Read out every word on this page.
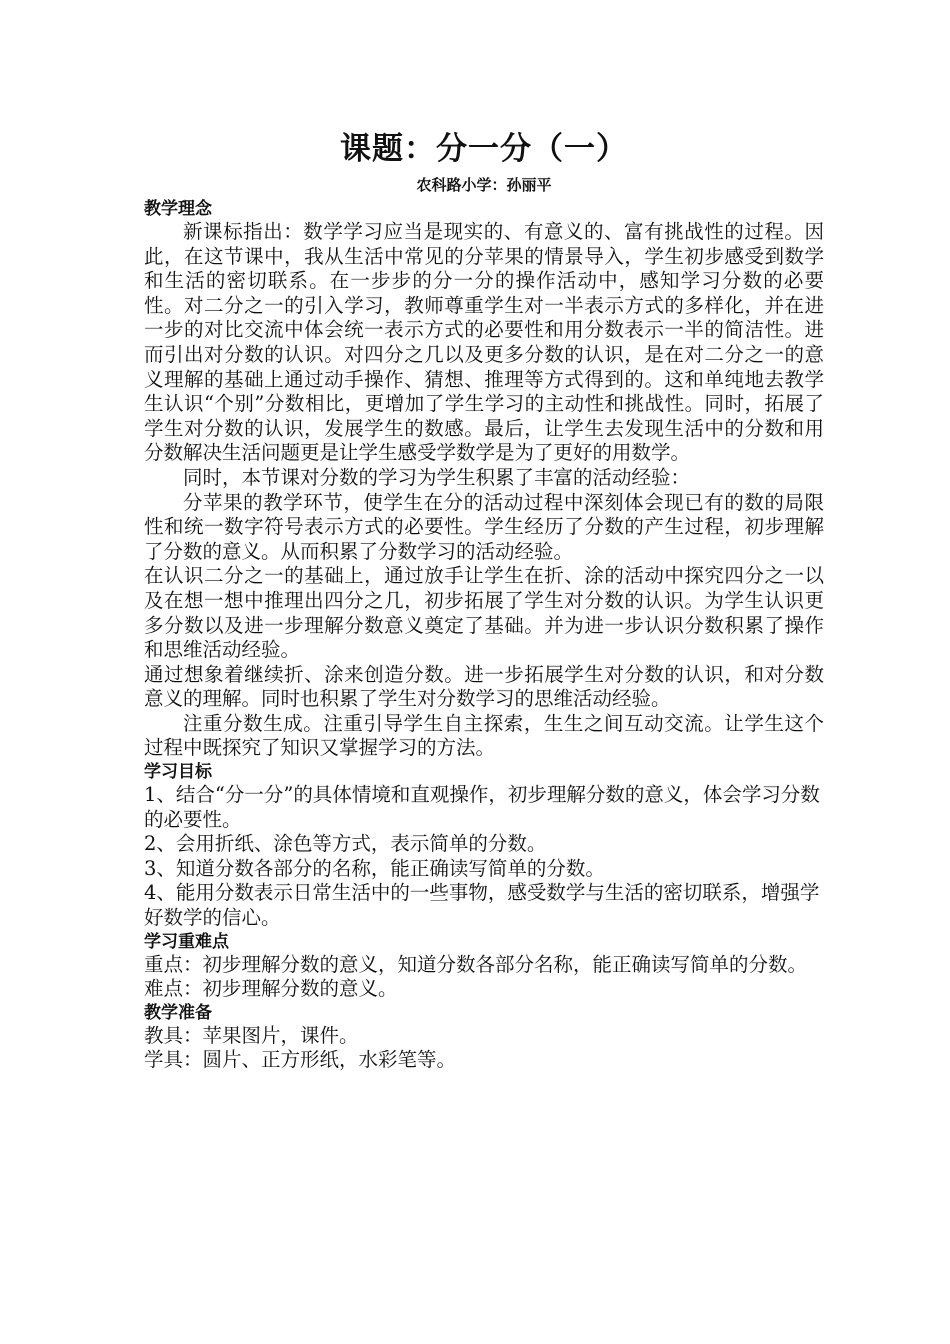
课题：分一分（一）
农科路小学：孙丽平
教学理念

新课标指出：数学学习应当是现实的、有意义的、富有挑战性的过程。因此，在这节课中，我从生活中常见的分苹果的情景导入，学生初步感受到数学和生活的密切联系。在一步步的分一分的操作活动中，感知学习分数的必要性。对二分之一的引入学习，教师尊重学生对一半表示方式的多样化，并在进一步的对比交流中体会统一表示方式的必要性和用分数表示一半的简洁性。进而引出对分数的认识。对四分之几以及更多分数的认识，是在对二分之一的意义理解的基础上通过动手操作、猜想、推理等方式得到的。这和单纯地去教学生认识“个别”分数相比，更增加了学生学习的主动性和挑战性。同时，拓展了学生对分数的认识，发展学生的数感。最后，让学生去发现生活中的分数和用分数解决生活问题更是让学生感受学数学是为了更好的用数学。

同时，本节课对分数的学习为学生积累了丰富的活动经验：

分苹果的教学环节，使学生在分的活动过程中深刻体会现已有的数的局限性和统一数字符号表示方式的必要性。学生经历了分数的产生过程，初步理解了分数的意义。从而积累了分数学习的活动经验。

在认识二分之一的基础上，通过放手让学生在折、涂的活动中探究四分之一以及在想一想中推理出四分之几，初步拓展了学生对分数的认识。为学生认识更多分数以及进一步理解分数意义奠定了基础。并为进一步认识分数积累了操作和思维活动经验。

通过想象着继续折、涂来创造分数。进一步拓展学生对分数的认识，和对分数意义的理解。同时也积累了学生对分数学习的思维活动经验。

注重分数生成。注重引导学生自主探索，生生之间互动交流。让学生这个过程中既探究了知识又掌握学习的方法。

学习目标
1、结合“分一分”的具体情境和直观操作，初步理解分数的意义，体会学习分数的必要性。
2、会用折纸、涂色等方式，表示简单的分数。
3、知道分数各部分的名称，能正确读写简单的分数。
4、能用分数表示日常生活中的一些事物，感受数学与生活的密切联系，增强学好数学的信心。
学习重难点

重点：初步理解分数的意义，知道分数各部分名称，能正确读写简单的分数。

难点：初步理解分数的意义。

教学准备

教具：苹果图片，课件。

学具：圆片、正方形纸，水彩笔等。
